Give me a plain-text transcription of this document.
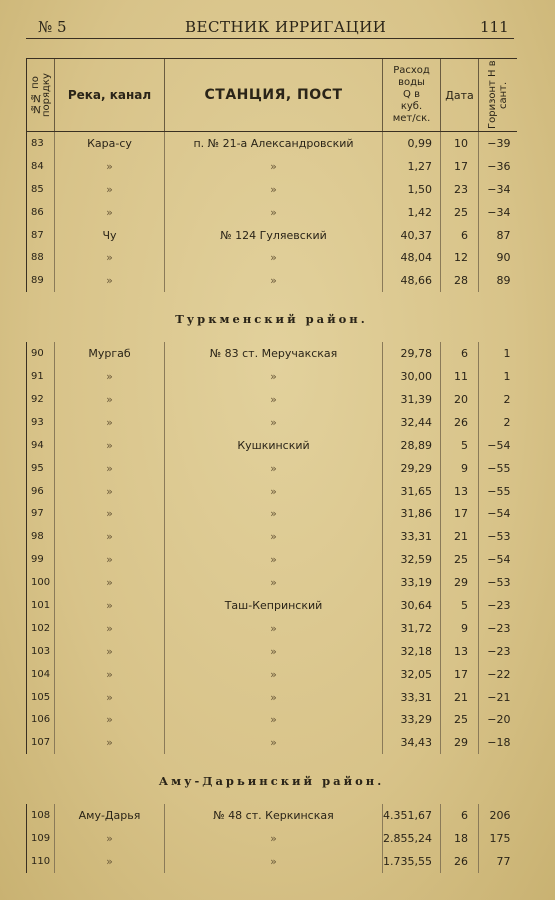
№ 5	ВЕСТНИК ИРРИГАЦИИ	111
№№ по порядку	Река, канал	СТАНЦИЯ, ПОСТ	Расход
воды
Q в
куб.
мет/ск.	Дата	Горизонт H в сант.

83	Кара-су	п. № 21-а Александровский	0,99	10	−39
84	»	»	1,27	17	−36
85	»	»	1,50	23	−34
86	»	»	1,42	25	−34
87	Чу	№ 124 Гуляевский	40,37	6	87
88	»	»	48,04	12	90
89	»	»	48,66	28	89
Туркменский район.					
90	Мургаб	№ 83 ст. Меручакская	29,78	6	1
91	»	»	30,00	11	1
92	»	»	31,39	20	2
93	»	»	32,44	26	2
94	»	Кушкинский	28,89	5	−54
95	»	»	29,29	9	−55
96	»	»	31,65	13	−55
97	»	»	31,86	17	−54
98	»	»	33,31	21	−53
99	»	»	32,59	25	−54
100	»	»	33,19	29	−53
101	»	Таш-Кепринский	30,64	5	−23
102	»	»	31,72	9	−23
103	»	»	32,18	13	−23
104	»	»	32,05	17	−22
105	»	»	33,31	21	−21
106	»	»	33,29	25	−20
107	»	»	34,43	29	−18
Аму-Дарьинский район.					
108	Аму-Дарья	№ 48 ст. Керкинская	4.351,67	6	206
109	»	»	2.855,24	18	175
110	»	»	1.735,55	26	77
